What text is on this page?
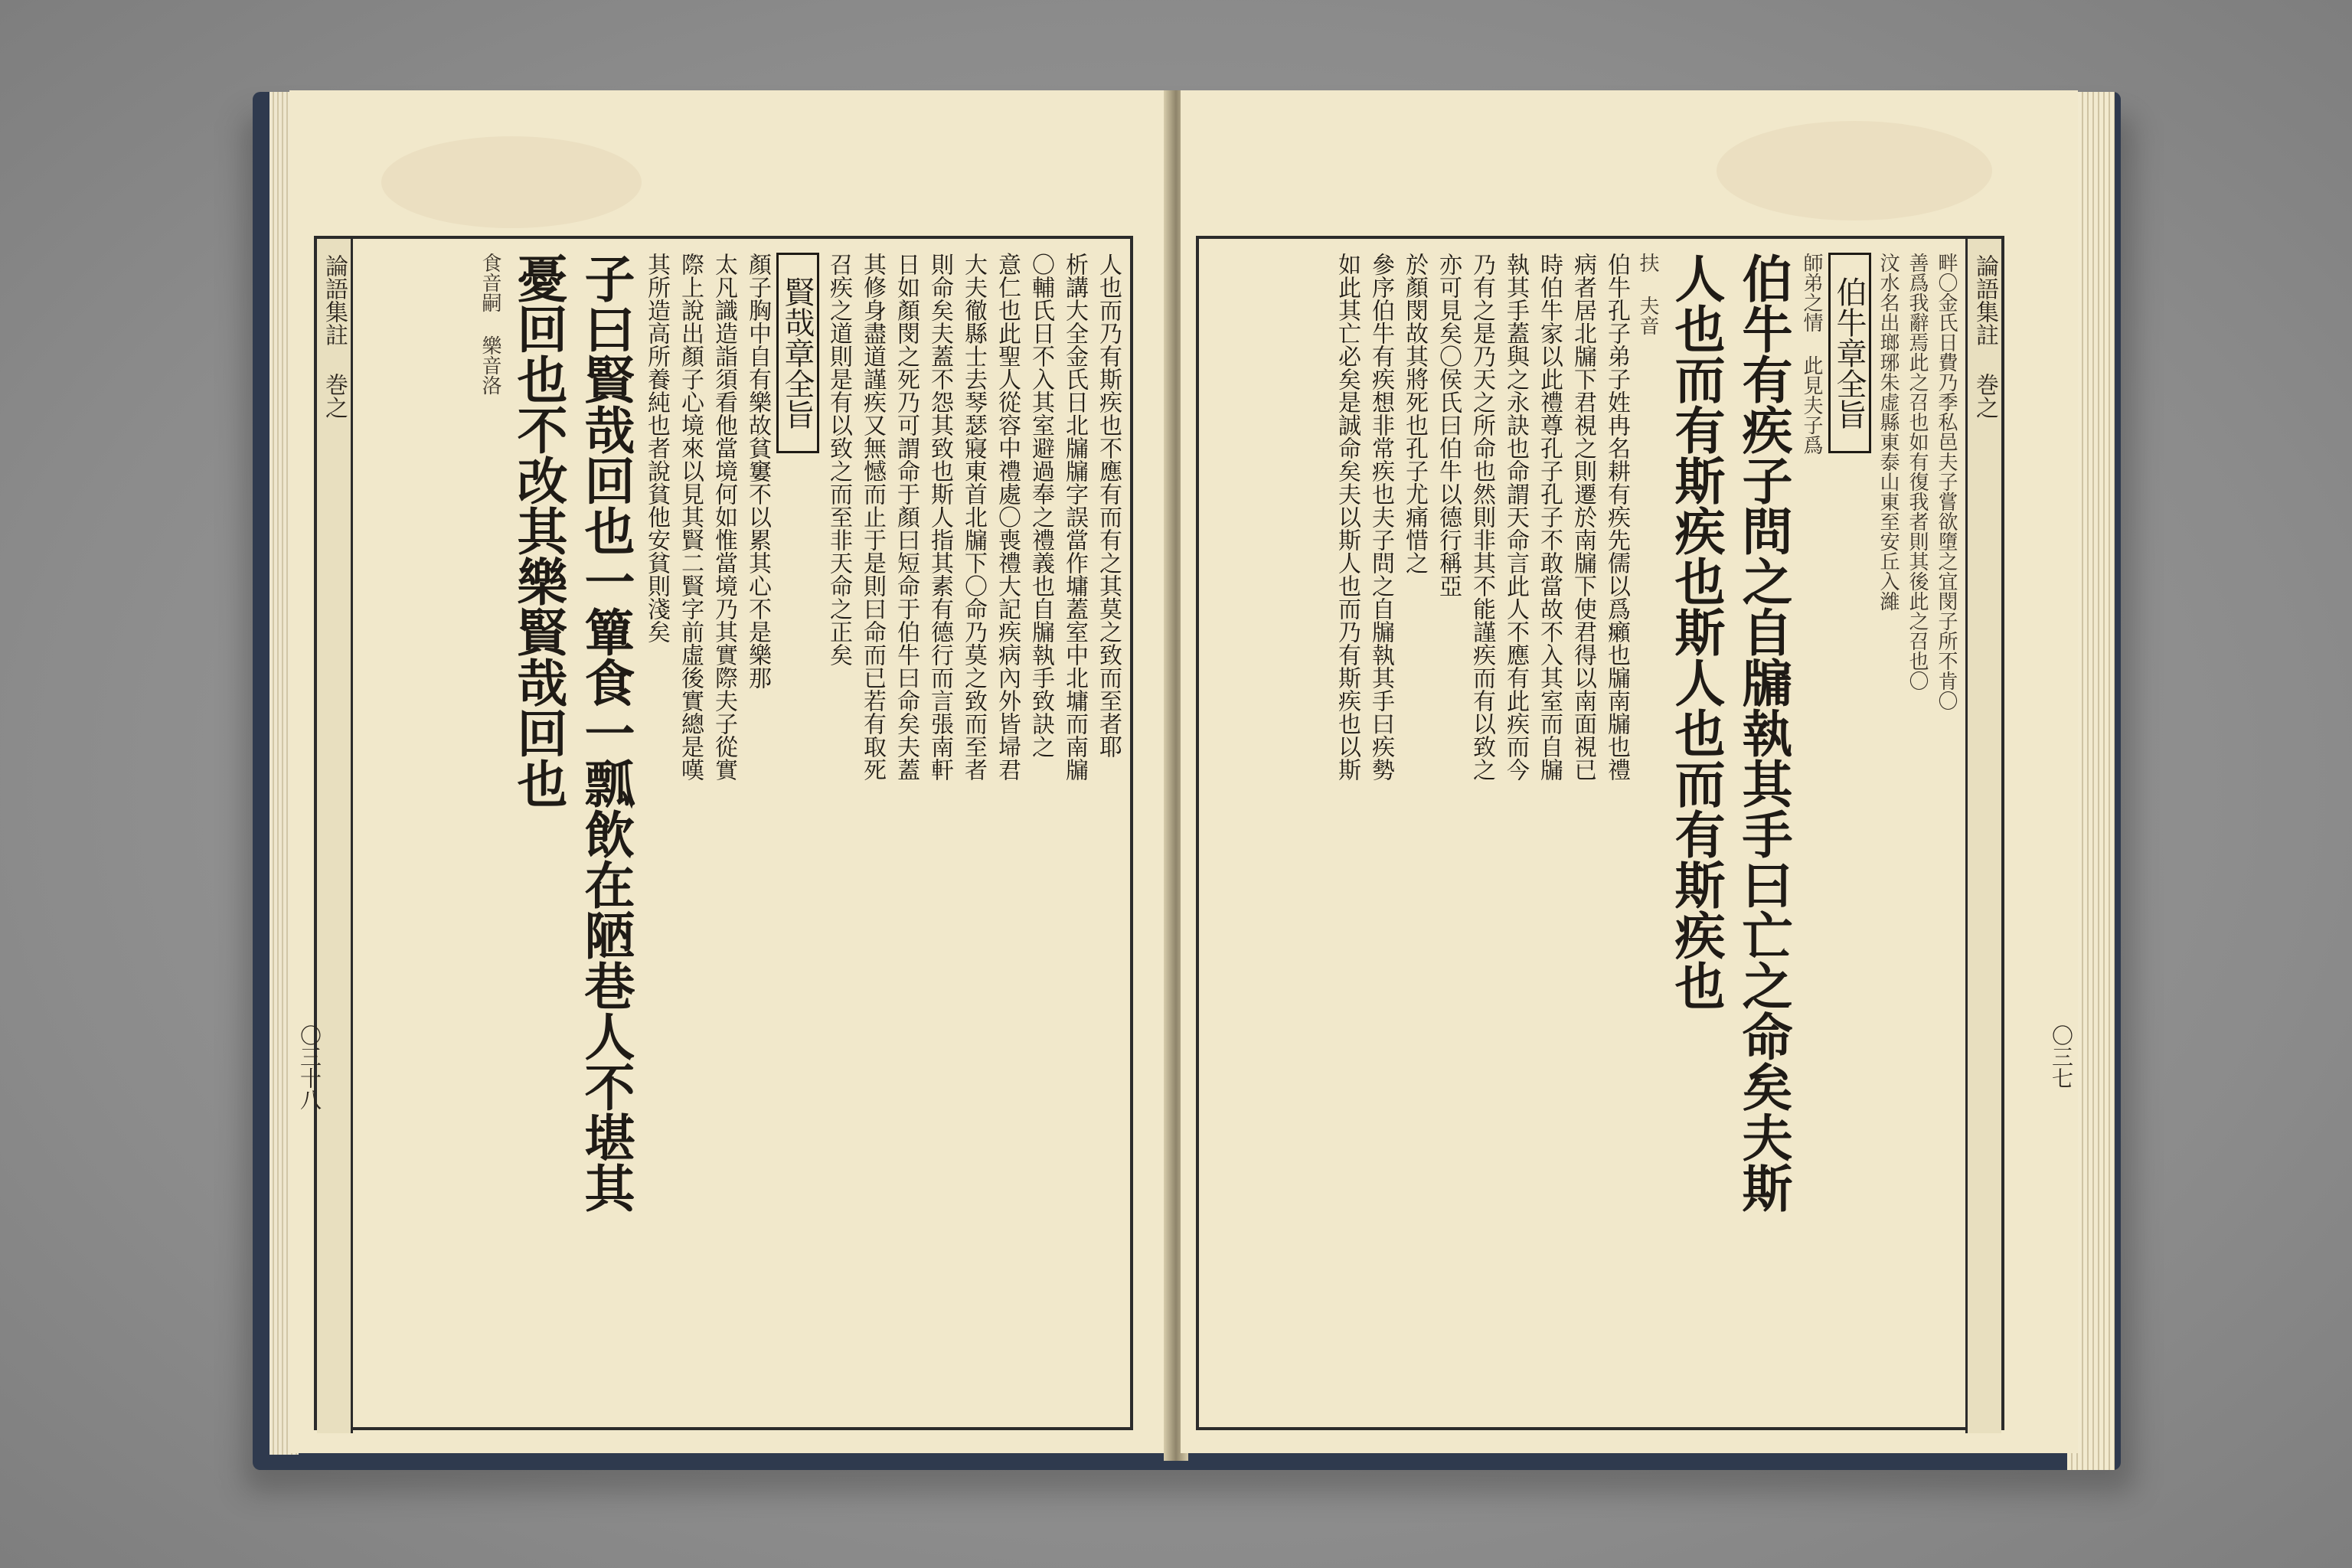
論語集註 巻之	人也而乃有斯疾也不應有而有之其莫之致而至者耶
析講大全金氏日北牖牖字誤當作墉蓋室中北墉而南牖
〇輔氏日不入其室避過奉之禮義也自牖執手致訣之
意仁也此聖人從容中禮處〇喪禮大記疾病內外皆埽君
大夫徹縣士去琴瑟寢東首北牖下〇命乃莫之致而至者
則命矣夫蓋不怨其致也斯人指其素有德行而言張南軒
日如顏閔之死乃可謂命于顏曰短命于伯牛曰命矣夫蓋
其修身盡道謹疾又無憾而止于是則曰命而已若有取死
召疾之道則是有以致之而至非天命之正矣
賢哉章全旨
顏子胸中自有樂故貧窶不以累其心不是樂那
太凡識造詣須看他當境何如惟當境乃其實際夫子從實
際上說出顏子心境來以見其賢二賢字前虛後實總是嘆
其所造高所養純也者說貧他安貧則淺矣
子曰賢哉回也一簞食一瓢飲在陋巷人不堪其
憂回也不改其樂賢哉回也
食音嗣 樂音洛
〇三十八
論語集註 巻之
畔〇金氏日費乃季私邑夫子嘗欲墮之宜閔子所不肯〇
善爲我辭焉此之召也如有復我者則其後此之召也〇
汶水名出瑯琊朱虚縣東泰山東至安丘入濰
伯牛章全旨
師弟之情 此見夫子爲
伯牛有疾子問之自牖執其手曰亡之命矣夫斯
人也而有斯疾也斯人也而有斯疾也
扶 夫音
伯牛孔子弟子姓冉名耕有疾先儒以爲癩也牖南牖也禮
病者居北牖下君視之則遷於南牖下使君得以南面視已
時伯牛家以此禮尊孔子孔子不敢當故不入其室而自牖
執其手蓋與之永訣也命謂天命言此人不應有此疾而今
乃有之是乃天之所命也然則非其不能謹疾而有以致之
亦可見矣〇侯氏曰伯牛以德行稱亞
於顏閔故其將死也孔子尤痛惜之
參序伯牛有疾想非常疾也夫子問之自牖執其手曰疾勢
如此其亡必矣是誠命矣夫以斯人也而乃有斯疾也以斯
〇三七
